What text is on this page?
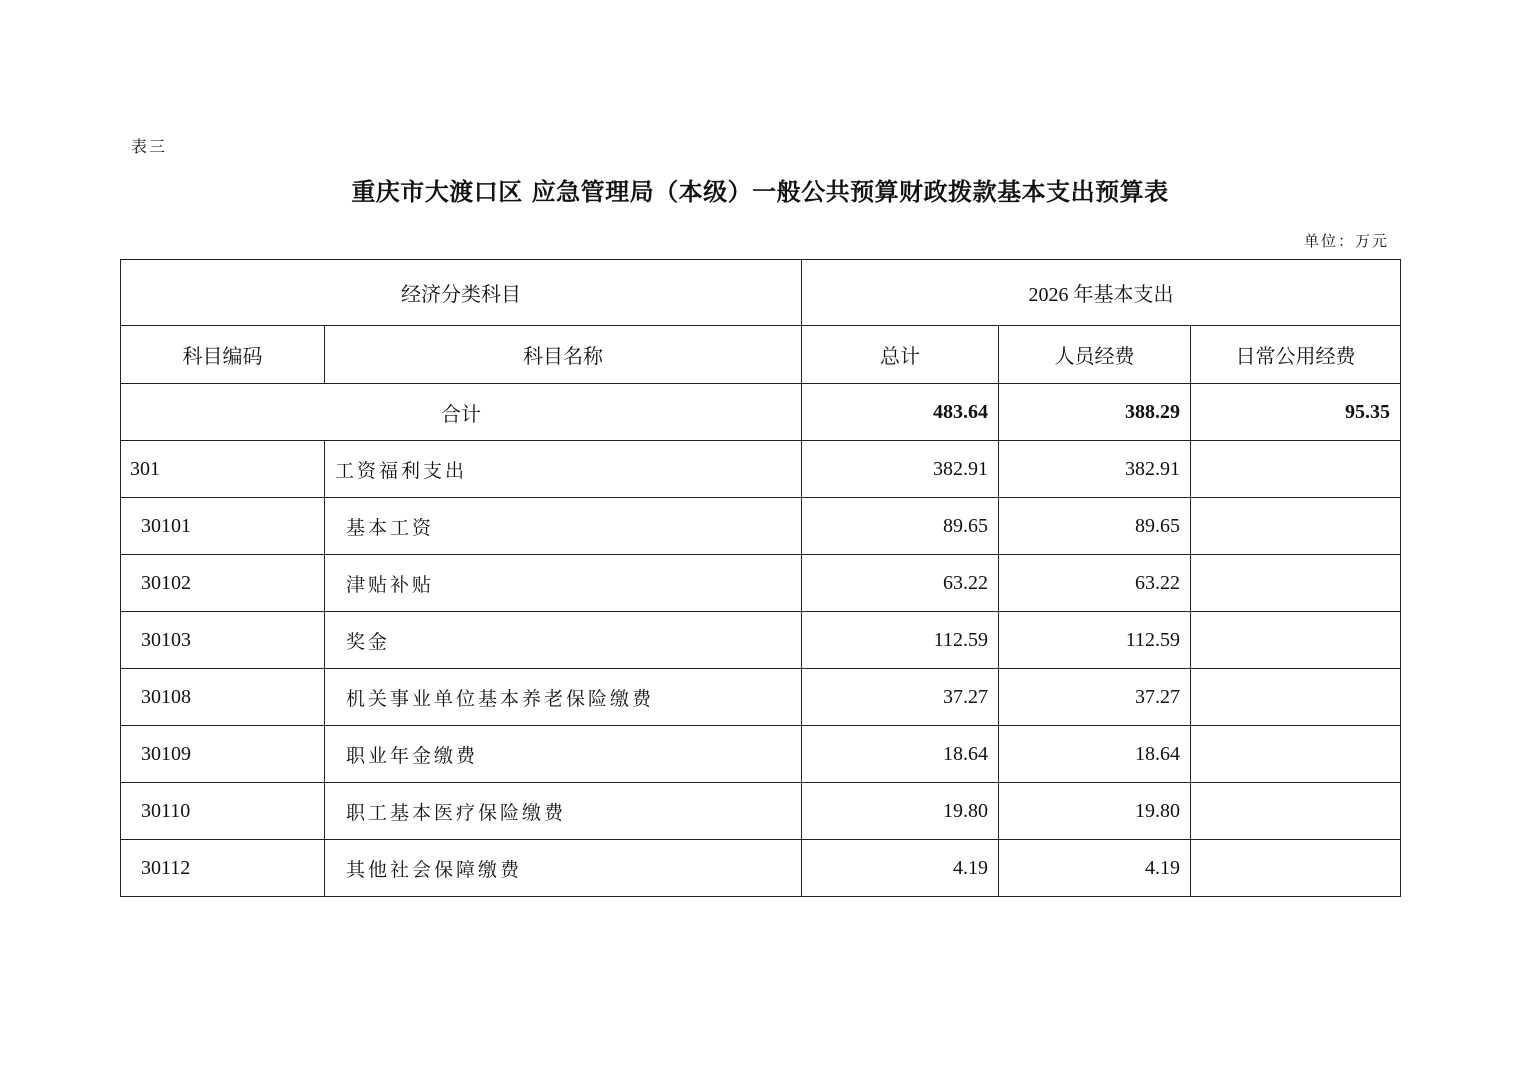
表三
重庆市大渡口区 应急管理局（本级）一般公共预算财政拨款基本支出预算表
单位：万元
经济分类科目		2026 年基本支出		
科目编码	科目名称	总计	人员经费	日常公用经费
合计		483.64	388.29	95.35
301	工资福利支出	382.91	382.91	
30101	基本工资	89.65	89.65	
30102	津贴补贴	63.22	63.22	
30103	奖金	112.59	112.59	
30108	机关事业单位基本养老保险缴费	37.27	37.27	
30109	职业年金缴费	18.64	18.64	
30110	职工基本医疗保险缴费	19.80	19.80	
30112	其他社会保障缴费	4.19	4.19	
